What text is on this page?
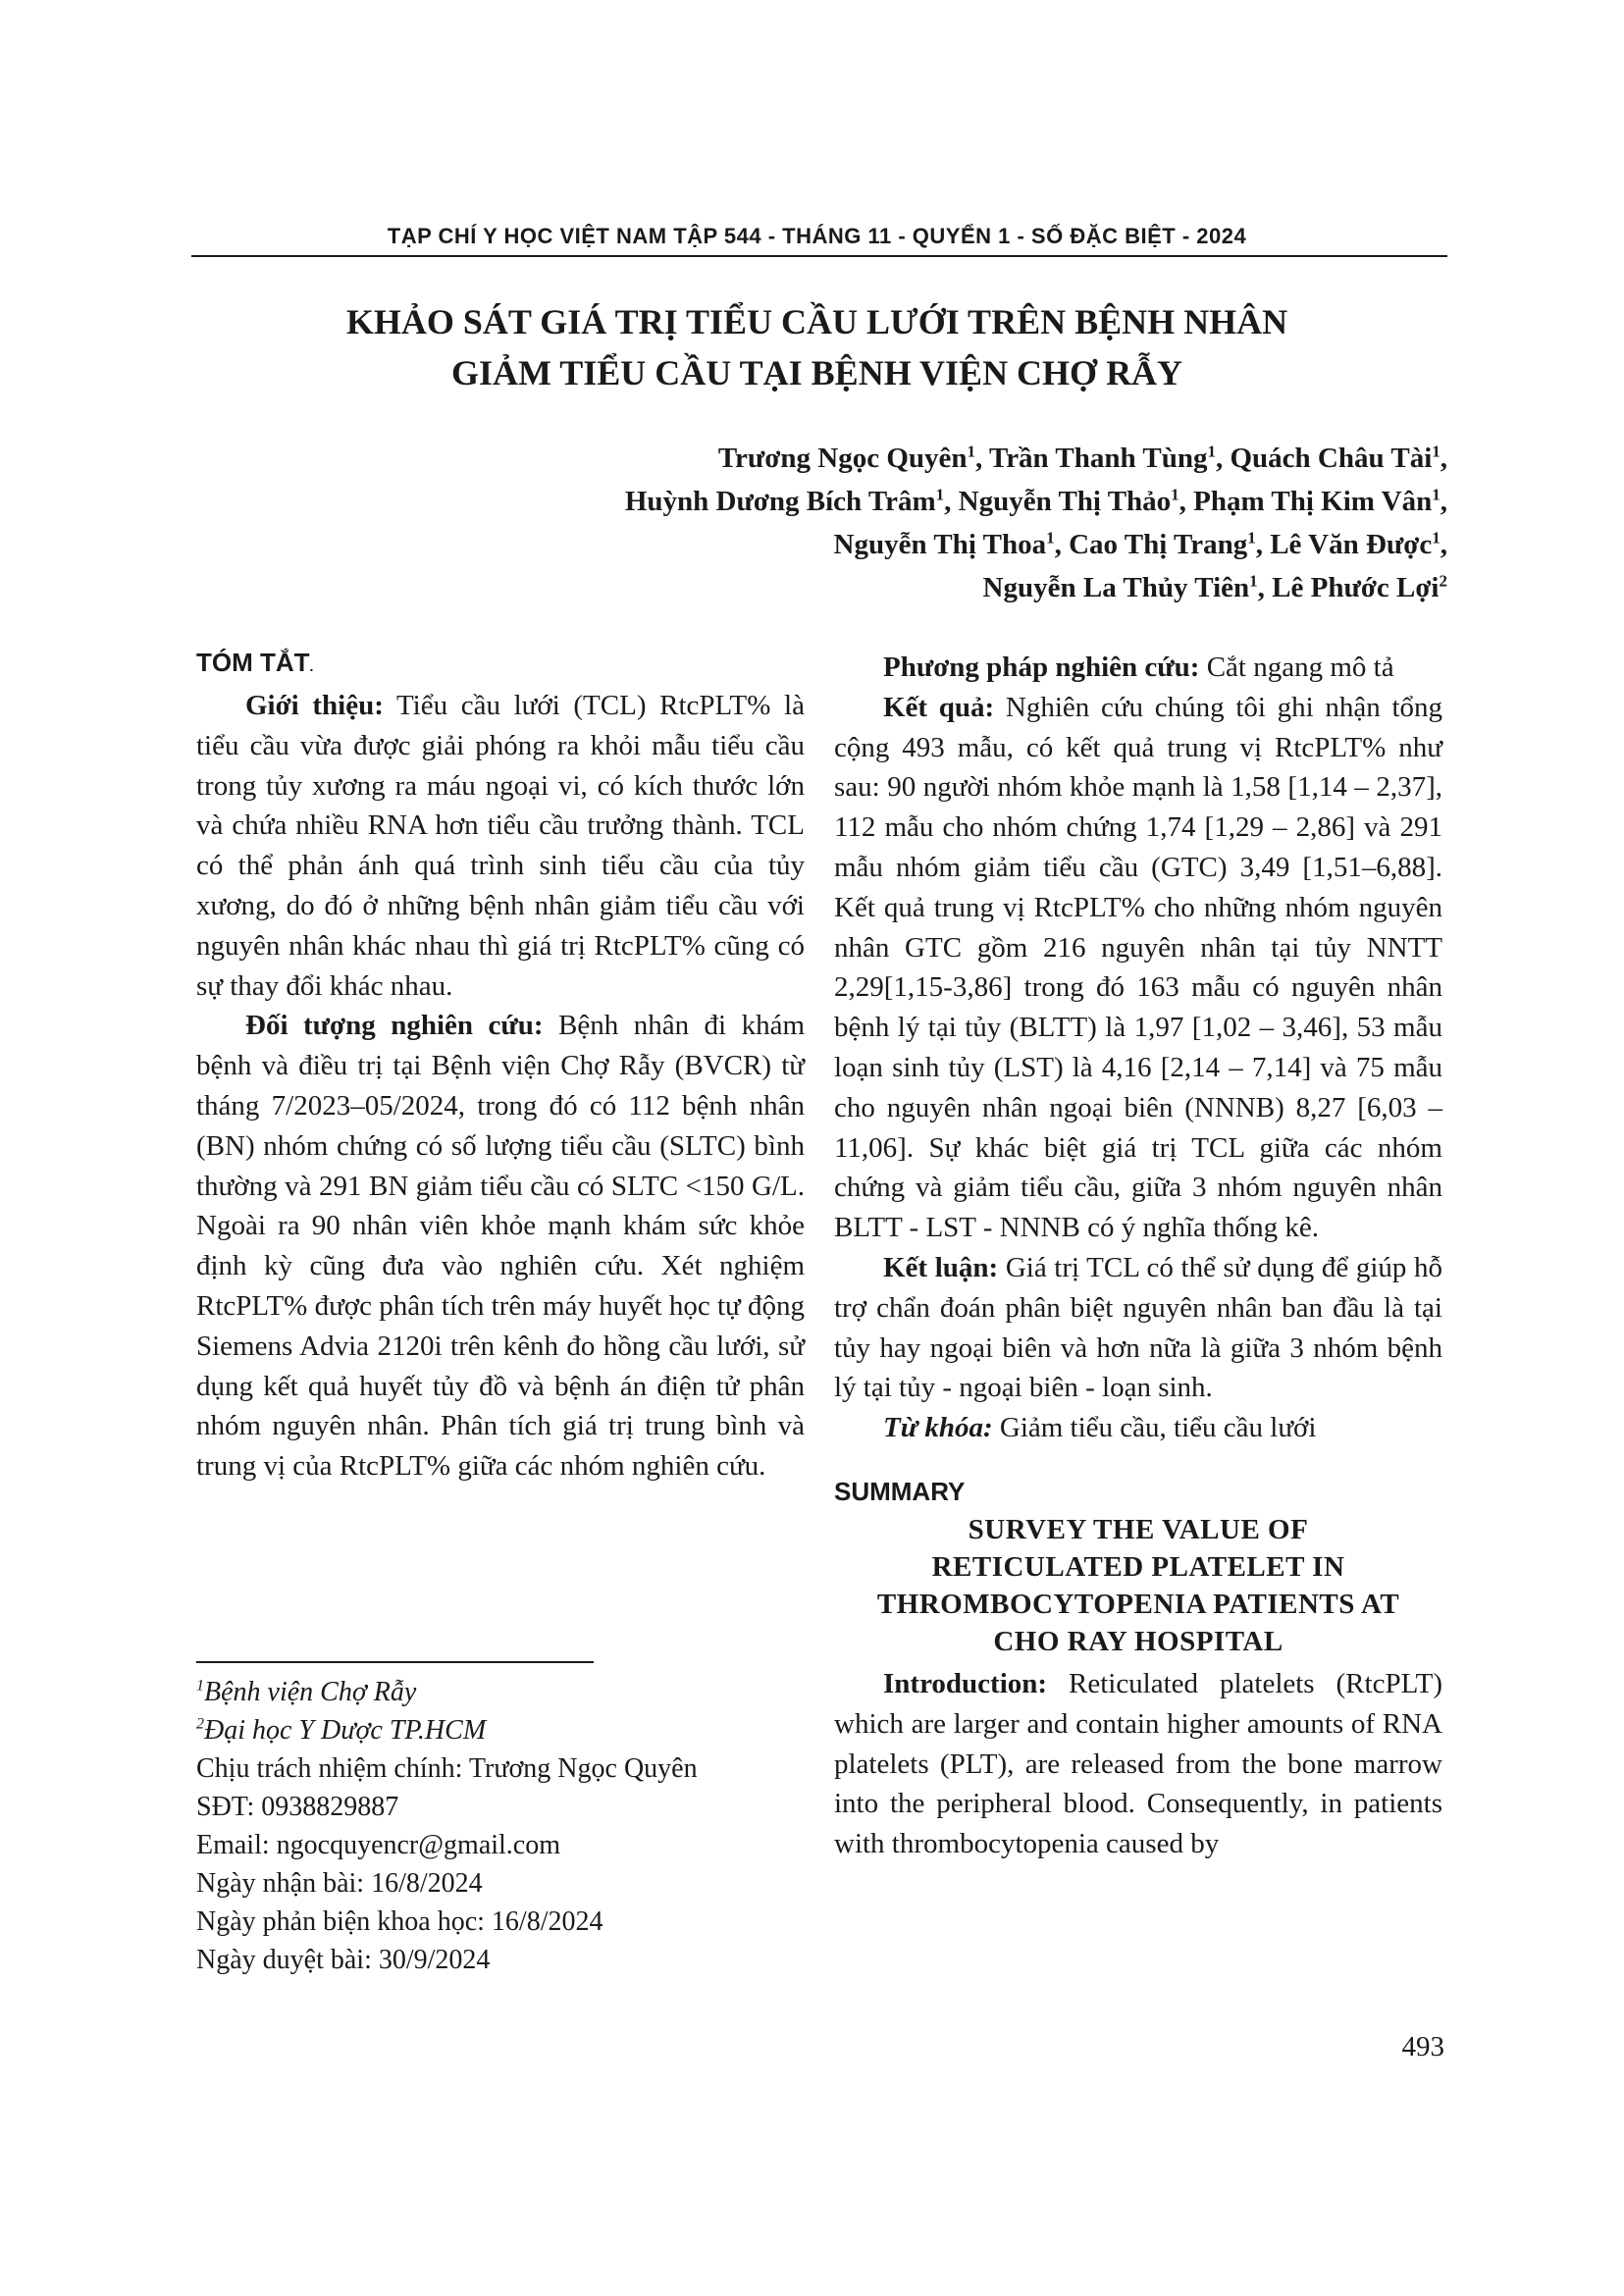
TẠP CHÍ Y HỌC VIỆT NAM TẬP 544 - THÁNG 11 - QUYỂN 1 - SỐ ĐẶC BIỆT - 2024
KHẢO SÁT GIÁ TRỊ TIỂU CẦU LƯỚI TRÊN BỆNH NHÂN
GIẢM TIỂU CẦU TẠI BỆNH VIỆN CHỢ RẪY
Trương Ngọc Quyên$^1$, Trần Thanh Tùng$^1$, Quách Châu Tài$^1$,
Huỳnh Dương Bích Trâm$^1$, Nguyễn Thị Thảo$^1$, Phạm Thị Kim Vân$^1$,
Nguyễn Thị Thoa$^1$, Cao Thị Trang$^1$, Lê Văn Được$^1$,
Nguyễn La Thủy Tiên$^1$, Lê Phước Lợi$^2$
TÓM TẮT.

Giới thiệu: Tiểu cầu lưới (TCL) RtcPLT% là tiểu cầu vừa được giải phóng ra khỏi mẫu tiểu cầu trong tủy xương ra máu ngoại vi, có kích thước lớn và chứa nhiều RNA hơn tiểu cầu trưởng thành. TCL có thể phản ánh quá trình sinh tiểu cầu của tủy xương, do đó ở những bệnh nhân giảm tiểu cầu với nguyên nhân khác nhau thì giá trị RtcPLT% cũng có sự thay đổi khác nhau.

Đối tượng nghiên cứu: Bệnh nhân đi khám bệnh và điều trị tại Bệnh viện Chợ Rẫy (BVCR) từ tháng 7/2023–05/2024, trong đó có 112 bệnh nhân (BN) nhóm chứng có số lượng tiểu cầu (SLTC) bình thường và 291 BN giảm tiểu cầu có SLTC <150 G/L. Ngoài ra 90 nhân viên khỏe mạnh khám sức khỏe định kỳ cũng đưa vào nghiên cứu. Xét nghiệm RtcPLT% được phân tích trên máy huyết học tự động Siemens Advia 2120i trên kênh đo hồng cầu lưới, sử dụng kết quả huyết tủy đồ và bệnh án điện tử phân nhóm nguyên nhân. Phân tích giá trị trung bình và trung vị của RtcPLT% giữa các nhóm nghiên cứu.

$^1$Bệnh viện Chợ Rẫy
$^2$Đại học Y Dược TP.HCM
Chịu trách nhiệm chính: Trương Ngọc Quyên
SĐT: 0938829887
Email: ngocquyencr@gmail.com
Ngày nhận bài: 16/8/2024
Ngày phản biện khoa học: 16/8/2024
Ngày duyệt bài: 30/9/2024

Phương pháp nghiên cứu: Cắt ngang mô tả

Kết quả: Nghiên cứu chúng tôi ghi nhận tổng cộng 493 mẫu, có kết quả trung vị RtcPLT% như sau: 90 người nhóm khỏe mạnh là 1,58 [1,14 – 2,37], 112 mẫu cho nhóm chứng 1,74 [1,29 – 2,86] và 291 mẫu nhóm giảm tiểu cầu (GTC) 3,49 [1,51–6,88]. Kết quả trung vị RtcPLT% cho những nhóm nguyên nhân GTC gồm 216 nguyên nhân tại tủy NNTT 2,29[1,15-3,86] trong đó 163 mẫu có nguyên nhân bệnh lý tại tủy (BLTT) là 1,97 [1,02 – 3,46], 53 mẫu loạn sinh tủy (LST) là 4,16 [2,14 – 7,14] và 75 mẫu cho nguyên nhân ngoại biên (NNNB) 8,27 [6,03 – 11,06]. Sự khác biệt giá trị TCL giữa các nhóm chứng và giảm tiểu cầu, giữa 3 nhóm nguyên nhân BLTT - LST - NNNB có ý nghĩa thống kê.

Kết luận: Giá trị TCL có thể sử dụng để giúp hỗ trợ chẩn đoán phân biệt nguyên nhân ban đầu là tại tủy hay ngoại biên và hơn nữa là giữa 3 nhóm bệnh lý tại tủy - ngoại biên - loạn sinh.

Từ khóa: Giảm tiểu cầu, tiểu cầu lưới

SUMMARY
SURVEY THE VALUE OF
RETICULATED PLATELET IN
THROMBOCYTOPENIA PATIENTS AT
CHO RAY HOSPITAL

Introduction: Reticulated platelets (RtcPLT) which are larger and contain higher amounts of RNA platelets (PLT), are released from the bone marrow into the peripheral blood. Consequently, in patients with thrombocytopenia caused by

493
